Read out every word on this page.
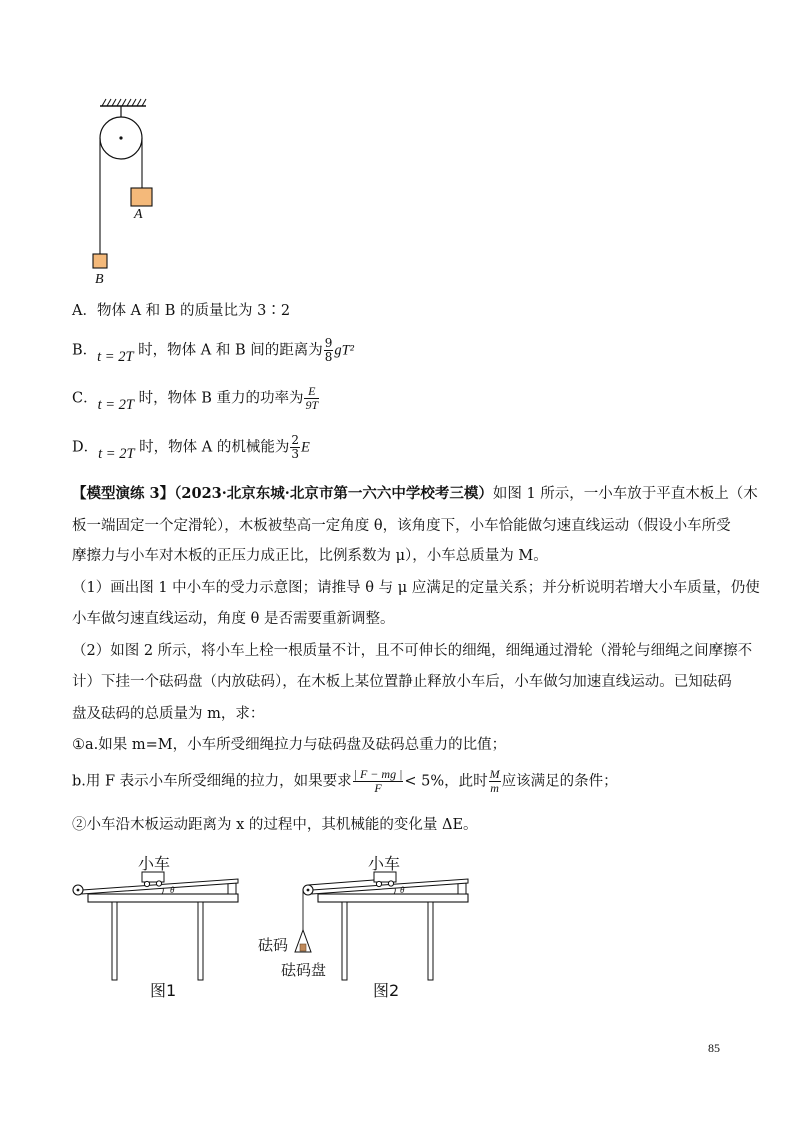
A
B
A．物体 A 和 B 的质量比为 3∶2
B．t = 2T 时，物体 A 和 B 间的距离为 $\frac{9}{8} gT^2$
C．t = 2T 时，物体 B 重力的功率为 $\frac{E}{9T}$
D．t = 2T 时，物体 A 的机械能为 $\frac{2}{3}$ E
【模型演练 3】（2023·北京东城·北京市第一六六中学校考三模）如图 1 所示，一小车放于平直木板上（木
板一端固定一个定滑轮），木板被垫高一定角度 θ，该角度下，小车恰能做匀速直线运动（假设小车所受
摩擦力与小车对木板的正压力成正比，比例系数为 μ），小车总质量为 M。
（1）画出图 1 中小车的受力示意图；请推导 θ 与 μ 应满足的定量关系；并分析说明若增大小车质量，仍使
小车做匀速直线运动，角度 θ 是否需要重新调整。
（2）如图 2 所示，将小车上栓一根质量不计，且不可伸长的细绳，细绳通过滑轮（滑轮与细绳之间摩擦不
计）下挂一个砝码盘（内放砝码），在木板上某位置静止释放小车后，小车做匀加速直线运动。已知砝码
盘及砝码的总质量为 m，求：
①a.如果 m=M，小车所受细绳拉力与砝码盘及砝码总重力的比值；
b.用 F 表示小车所受细绳的拉力，如果要求 $\frac{| F - mg |}{F} < 5\%$，此时 $\frac{M}{m}$ 应该满足的条件；
②小车沿木板运动距离为 x 的过程中，其机械能的变化量 ΔE。
小车
θ
图1
小车
θ
砝码
砝码盘
图2
85
